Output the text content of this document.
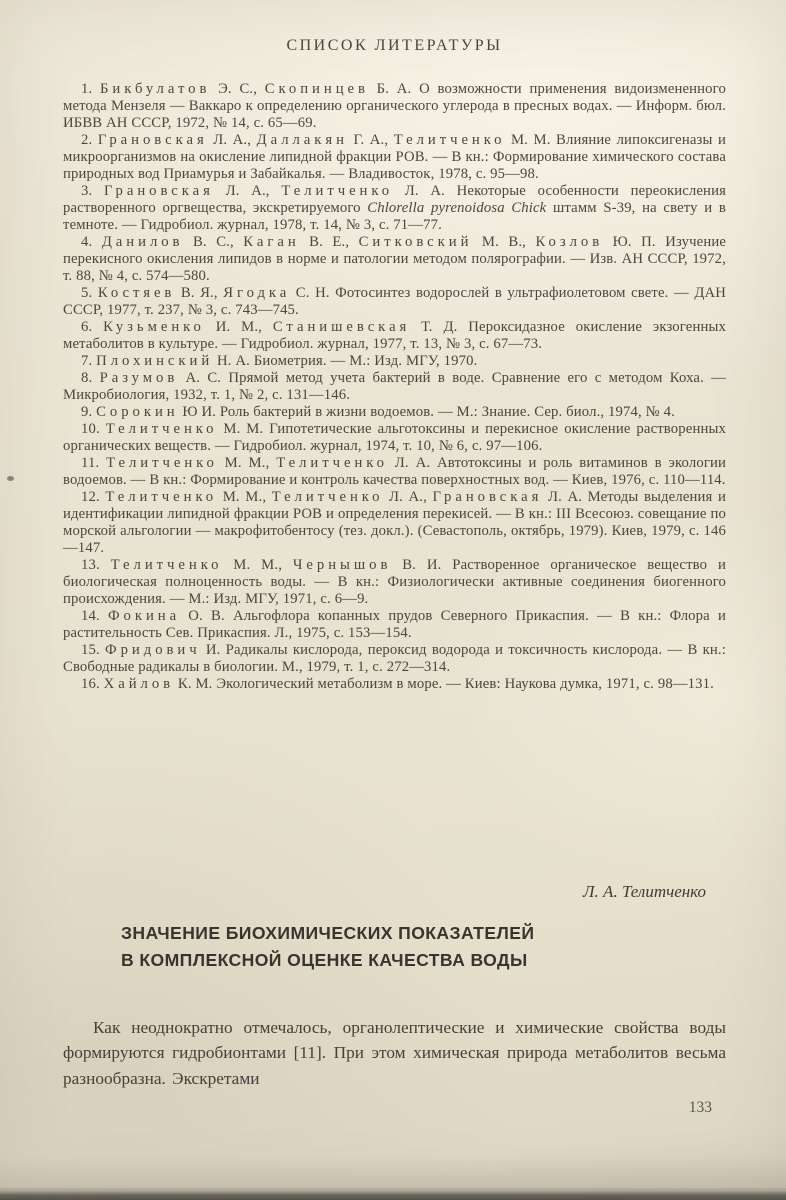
СПИСОК ЛИТЕРАТУРЫ

1. Бикбулатов Э. С., Скопинцев Б. А. О возможности применения видоизмененного метода Мензеля — Ваккаро к определению органического углерода в пресных водах. — Информ. бюл. ИБВВ АН СССР, 1972, № 14, с. 65—69.

2. Грановская Л. А., Даллакян Г. А., Телитченко М. М. Влияние липоксигеназы и микроорганизмов на окисление липидной фракции РОВ. — В кн.: Формирование химического состава природных вод Приамурья и Забайкалья. — Владивосток, 1978, с. 95—98.

3. Грановская Л. А., Телитченко Л. А. Некоторые особенности переокисления растворенного оргвещества, экскретируемого Chlorella pyrenoidosa Chick штамм S-39, на свету и в темноте. — Гидробиол. журнал, 1978, т. 14, № 3, с. 71—77.

4. Данилов В. С., Каган В. Е., Ситковский М. В., Козлов Ю. П. Изучение перекисного окисления липидов в норме и патологии методом полярографии. — Изв. АН СССР, 1972, т. 88, № 4, с. 574—580.

5. Костяев В. Я., Ягодка С. Н. Фотосинтез водорослей в ультрафиолетовом свете. — ДАН СССР, 1977, т. 237, № 3, с. 743—745.

6. Кузьменко И. М., Станишевская Т. Д. Пероксидазное окисление экзогенных метаболитов в культуре. — Гидробиол. журнал, 1977, т. 13, № 3, с. 67—73.

7. Плохинский Н. А. Биометрия. — М.: Изд. МГУ, 1970.

8. Разумов А. С. Прямой метод учета бактерий в воде. Сравнение его с методом Коха. — Микробиология, 1932, т. 1, № 2, с. 131—146.

9. Сорокин Ю И. Роль бактерий в жизни водоемов. — М.: Знание. Сер. биол., 1974, № 4.

10. Телитченко М. М. Гипотетические альготоксины и перекисное окисление растворенных органических веществ. — Гидробиол. журнал, 1974, т. 10, № 6, с. 97—106.

11. Телитченко М. М., Телитченко Л. А. Автотоксины и роль витаминов в экологии водоемов. — В кн.: Формирование и контроль качества поверхностных вод. — Киев, 1976, с. 110—114.

12. Телитченко М. М., Телитченко Л. А., Грановская Л. А. Методы выделения и идентификации липидной фракции РОВ и определения перекисей. — В кн.: III Всесоюз. совещание по морской альгологии — макрофитобентосу (тез. докл.). (Севастополь, октябрь, 1979). Киев, 1979, с. 146—147.

13. Телитченко М. М., Чернышов В. И. Растворенное органическое вещество и биологическая полноценность воды. — В кн.: Физиологически активные соединения биогенного происхождения. — М.: Изд. МГУ, 1971, с. 6—9.

14. Фокина О. В. Альгофлора копанных прудов Северного Прикаспия. — В кн.: Флора и растительность Сев. Прикаспия. Л., 1975, с. 153—154.

15. Фридович И. Радикалы кислорода, пероксид водорода и токсичность кислорода. — В кн.: Свободные радикалы в биологии. М., 1979, т. 1, с. 272—314.

16. Хайлов К. М. Экологический метаболизм в море. — Киев: Наукова думка, 1971, с. 98—131.

Л. А. Телитченко
ЗНАЧЕНИЕ БИОХИМИЧЕСКИХ ПОКАЗАТЕЛЕЙ
В КОМПЛЕКСНОЙ ОЦЕНКЕ КАЧЕСТВА ВОДЫ

Как неоднократно отмечалось, органолептические и химические свойства воды формируются гидробионтами [11]. При этом химическая природа метаболитов весьма разнообразна. Экскретами

133
